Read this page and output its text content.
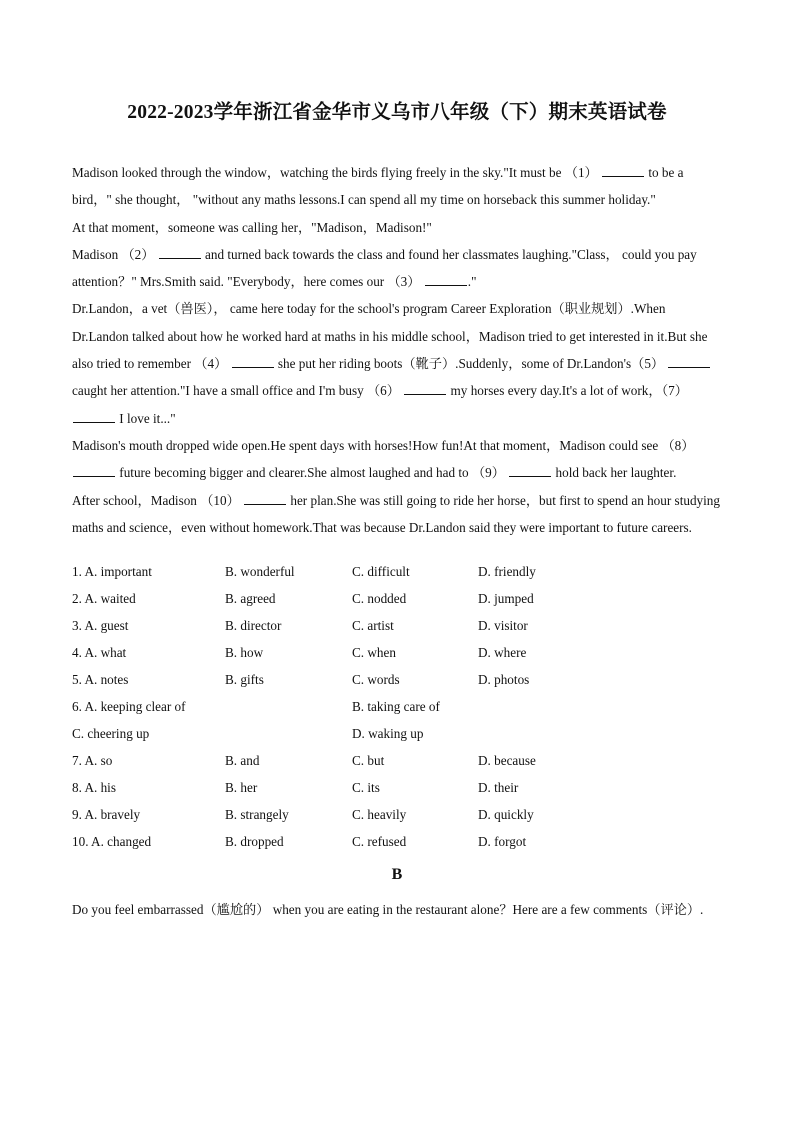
2022-2023学年浙江省金华市义乌市八年级（下）期末英语试卷

Madison looked through the window，watching the birds flying freely in the sky."It must be （1）	to be a bird，" she thought， "without any maths lessons.I can spend all my time on horseback this summer holiday."

At that moment，someone was calling her，"Madison，Madison!"

Madison （2）	and turned back towards the class and found her classmates laughing."Class， could you pay attention？" Mrs.Smith said. "Everybody，here comes our （3）	."

Dr.Landon，a vet（兽医）， came here today for the school's program Career Exploration（职业规划）.When Dr.Landon talked about how he worked hard at maths in his middle school，Madison tried to get interested in it.But she also tried to remember （4）	she put her riding boots（靴子）.Suddenly，some of Dr.Landon's（5）  caught her attention."I have a small office and I'm busy （6）	my horses every day.It's a lot of work，（7）  I love it..."

Madison's mouth dropped wide open.He spent days with horses!How fun!At that moment，Madison could see （8）  future becoming bigger and clearer.She almost laughed and had to （9）	hold back her laughter.

After school，Madison （10）	her plan.She was still going to ride her horse，but first to spend an hour studying maths and science，even without homework.That was because Dr.Landon said they were important to future careers.

1. A. important	B. wonderful	C. difficult	D. friendly
2. A. waited	B. agreed	C. nodded	D. jumped
3. A. guest	B. director	C. artist	D. visitor
4. A. what	B. how	C. when	D. where
5. A. notes	B. gifts	C. words	D. photos
6. A. keeping clear of	B. taking care of
C. cheering up	D. waking up
7. A. so	B. and	C. but	D. because
8. A. his	B. her	C. its	D. their
9. A. bravely	B. strangely	C. heavily	D. quickly
10. A. changed	B. dropped	C. refused	D. forgot
B
Do you feel embarrassed（尴尬的） when you are eating in the restaurant alone？Here are a few comments（评论）.
